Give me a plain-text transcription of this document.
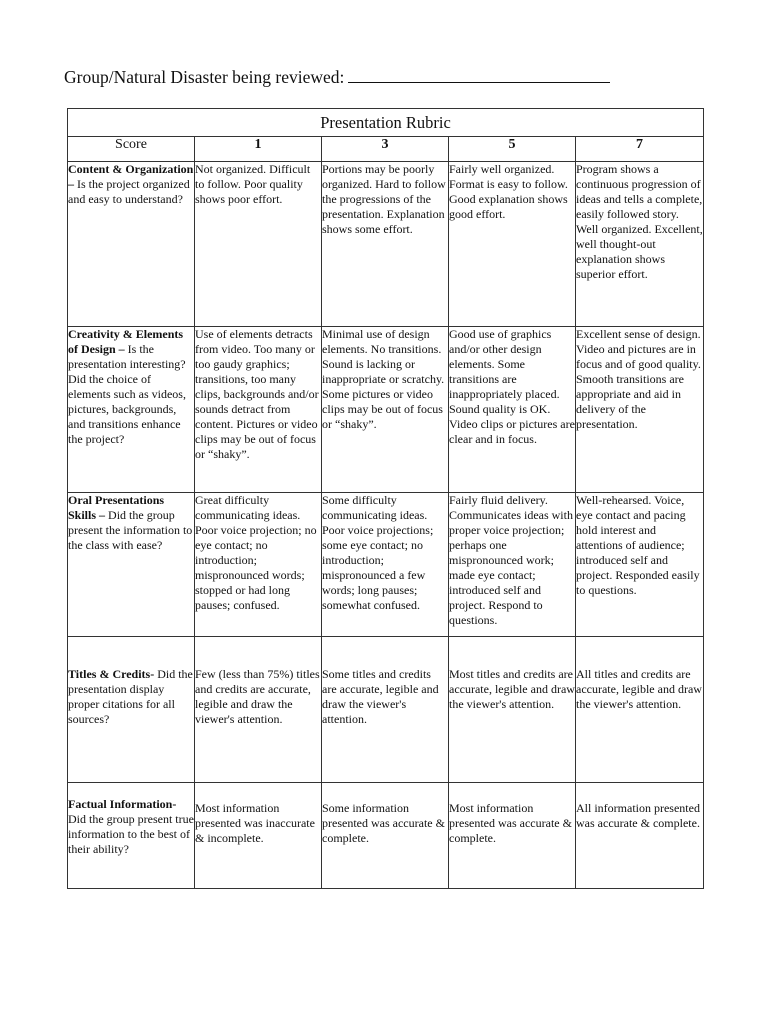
Group/Natural Disaster being reviewed:
Presentation Rubric				
Score	1	3	5	7
Content & Organization – Is the project organized and easy to understand?	Not organized. Difficult to follow. Poor quality shows poor effort.	Portions may be poorly organized. Hard to follow the progressions of the presentation. Explanation shows some effort.	Fairly well organized. Format is easy to follow. Good explanation shows good effort.	Program shows a continuous progression of ideas and tells a complete, easily followed story. Well organized. Excellent, well thought-out explanation shows superior effort.
Creativity & Elements of Design – Is the presentation interesting? Did the choice of elements such as videos, pictures, backgrounds, and transitions enhance the project?	Use of elements detracts from video. Too many or too gaudy graphics; transitions, too many clips, backgrounds and/or sounds detract from content. Pictures or video clips may be out of focus or “shaky”.	Minimal use of design elements. No transitions. Sound is lacking or inappropriate or scratchy. Some pictures or video clips may be out of focus or “shaky”.	Good use of graphics and/or other design elements. Some transitions are inappropriately placed. Sound quality is OK. Video clips or pictures are clear and in focus.	Excellent sense of design. Video and pictures are in focus and of good quality. Smooth transitions are appropriate and aid in delivery of the presentation.
Oral Presentations Skills – Did the group present the information to the class with ease?	Great difficulty communicating ideas. Poor voice projection; no eye contact; no introduction; mispronounced words; stopped or had long pauses; confused.	Some difficulty communicating ideas. Poor voice projections; some eye contact; no introduction; mispronounced a few words; long pauses; somewhat confused.	Fairly fluid delivery. Communicates ideas with proper voice projection; perhaps one mispronounced work; made eye contact; introduced self and project. Respond to questions.	Well-rehearsed. Voice, eye contact and pacing hold interest and attentions of audience; introduced self and project. Responded easily to questions.
Titles & Credits- Did the presentation display proper citations for all sources?	Few (less than 75%) titles and credits are accurate, legible and draw the viewer's attention.	Some titles and credits are accurate, legible and draw the viewer's attention.	Most titles and credits are accurate, legible and draw the viewer's attention.	All titles and credits are accurate, legible and draw the viewer's attention.
Factual Information- Did the group present true information to the best of their ability?	Most information presented was inaccurate & incomplete.	Some information presented was accurate & complete.	Most information presented was accurate & complete.	All information presented was accurate & complete.
